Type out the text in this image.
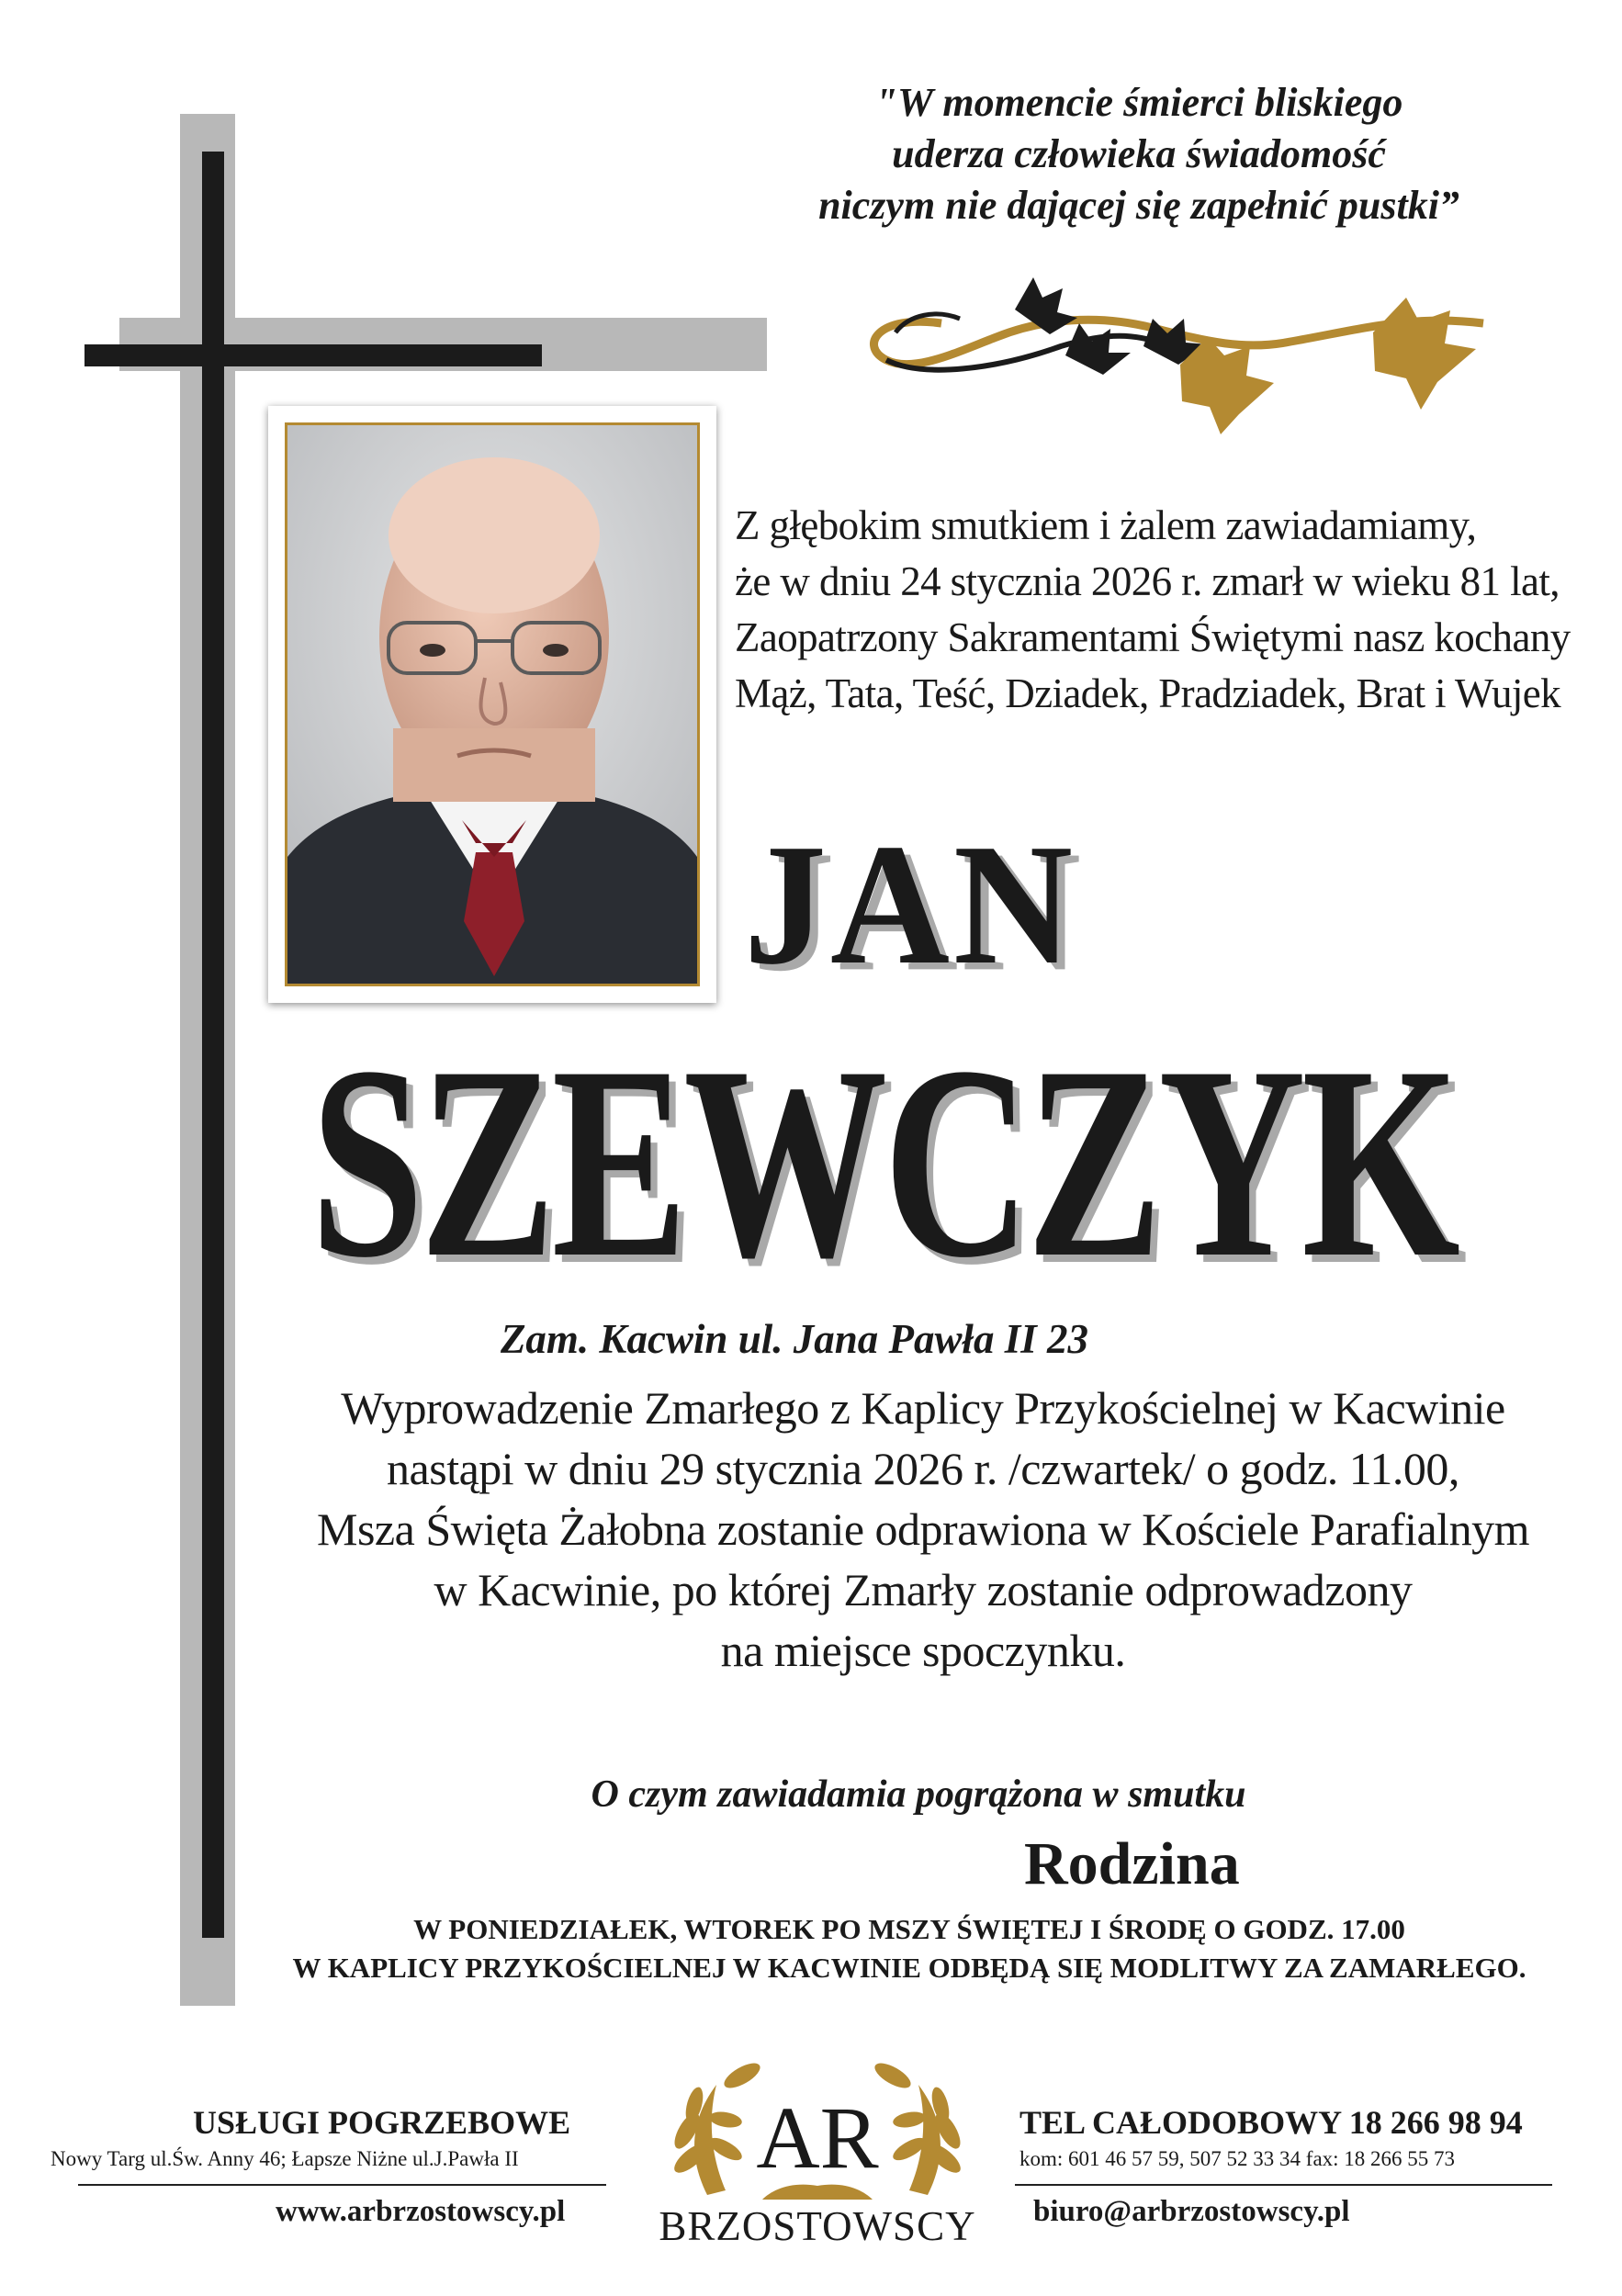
"W momencie śmierci bliskiego
uderza człowieka świadomość
niczym nie dającej się zapełnić pustki”
Z głębokim smutkiem i żalem zawiadamiamy,
że w dniu 24 stycznia 2026 r. zmarł w wieku 81 lat,
Zaopatrzony Sakramentami Świętymi nasz kochany
Mąż, Tata, Teść, Dziadek, Pradziadek, Brat i Wujek
JAN
SZEWCZYK
Zam. Kacwin ul. Jana Pawła II 23
Wyprowadzenie Zmarłego z Kaplicy Przykościelnej w Kacwinie
nastąpi w dniu 29 stycznia 2026 r. /czwartek/ o godz. 11.00,
Msza Święta Żałobna zostanie odprawiona w Kościele Parafialnym
w Kacwinie, po której Zmarły zostanie odprowadzony
na miejsce spoczynku.
O czym zawiadamia pogrążona w smutku
Rodzina
W PONIEDZIAŁEK, WTOREK PO MSZY ŚWIĘTEJ I ŚRODĘ O GODZ. 17.00
W KAPLICY PRZYKOŚCIELNEJ W KACWINIE ODBĘDĄ SIĘ MODLITWY ZA ZAMARŁEGO.
USŁUGI POGRZEBOWE
Nowy Targ ul.Św. Anny 46; Łapsze Niżne ul.J.Pawła II
www.arbrzostowscy.pl
AR
BRZOSTOWSCY
TEL CAŁODOBOWY 18 266 98 94
kom: 601 46 57 59, 507 52 33 34 fax: 18 266 55 73
biuro@arbrzostowscy.pl
